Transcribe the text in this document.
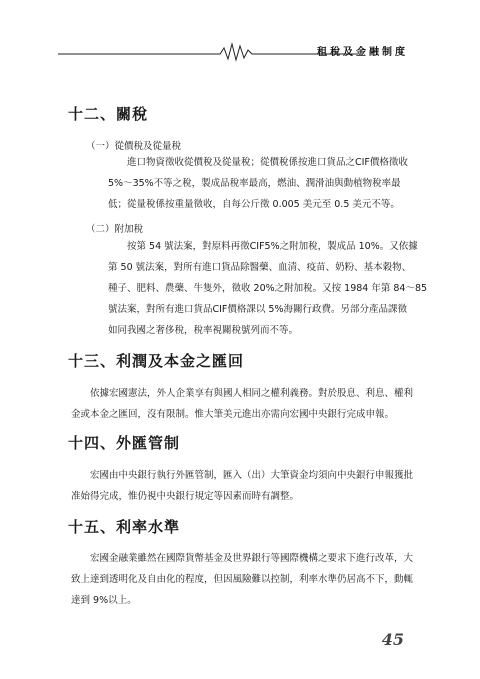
租稅及金融制度
十二、關稅
（一）從價稅及從量稅
進口物資徵收從價稅及從量稅；從價稅係按進口貨品之CIF價格徵收
5%～35%不等之稅，製成品稅率最高，燃油、潤滑油與動植物稅率最
低；從量稅係按重量徵收，自每公斤徵 0.005 美元至 0.5 美元不等。
（二）附加稅
按第 54 號法案，對原料再徵CIF5%之附加稅，製成品 10%。又依據
第 50 號法案，對所有進口貨品除醫藥、血清、疫苗、奶粉、基本穀物、
種子、肥料、農藥、牛隻外，徵收 20%之附加稅。又按 1984 年第 84～85
號法案，對所有進口貨品CIF價格課以 5%海關行政費。另部分產品課徵
如同我國之奢侈稅，稅率視關稅號列而不等。
十三、利潤及本金之匯回
依據宏國憲法，外人企業享有與國人相同之權利義務。對於股息、利息、權利
金或本金之匯回，沒有限制。惟大筆美元進出亦需向宏國中央銀行完成申報。
十四、外匯管制
宏國由中央銀行執行外匯管制，匯入（出）大筆資金均須向中央銀行申報獲批
准始得完成，惟仍視中央銀行規定等因素而時有調整。
十五、利率水準
宏國金融業雖然在國際貨幣基金及世界銀行等國際機構之要求下進行改革，大
致上達到透明化及自由化的程度，但因風險難以控制，利率水準仍居高不下，動輒
達到 9%以上。
45
